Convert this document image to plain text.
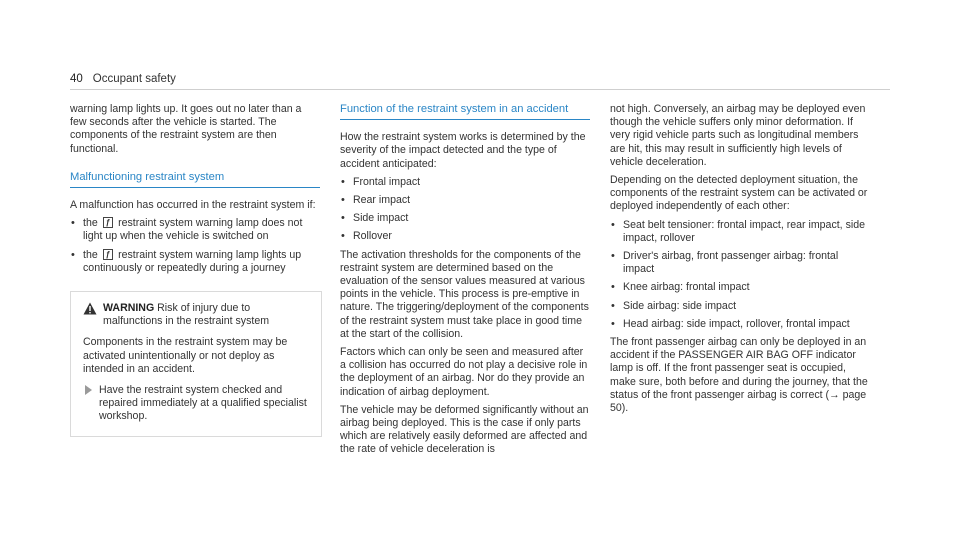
40 Occupant safety

warning lamp lights up. It goes out no later than a few seconds after the vehicle is started. The components of the restraint system are then functional.

Malfunctioning restraint system

A malfunction has occurred in the restraint system if:

• the ƒ restraint system warning lamp does not light up when the vehicle is switched on
• the ƒ restraint system warning lamp lights up continuously or repeatedly during a journey
WARNING Risk of injury due to malfunctions in the restraint system

Components in the restraint system may be activated unintentionally or not deploy as intended in an accident.

Have the restraint system checked and repaired immediately at a qualified specialist workshop.
Function of the restraint system in an accident

How the restraint system works is determined by the severity of the impact detected and the type of accident anticipated:

• Frontal impact
• Rear impact
• Side impact
• Rollover

The activation thresholds for the components of the restraint system are determined based on the evaluation of the sensor values measured at various points in the vehicle. This process is pre-emptive in nature. The triggering/deployment of the components of the restraint system must take place in good time at the start of the collision.

Factors which can only be seen and measured after a collision has occurred do not play a decisive role in the deployment of an airbag. Nor do they provide an indication of airbag deployment.

The vehicle may be deformed significantly without an airbag being deployed. This is the case if only parts which are relatively easily deformed are affected and the rate of vehicle deceleration is

not high. Conversely, an airbag may be deployed even though the vehicle suffers only minor deformation. If very rigid vehicle parts such as longitudinal members are hit, this may result in sufficiently high levels of vehicle deceleration.

Depending on the detected deployment situation, the components of the restraint system can be activated or deployed independently of each other:

• Seat belt tensioner: frontal impact, rear impact, side impact, rollover
• Driver's airbag, front passenger airbag: frontal impact
• Knee airbag: frontal impact
• Side airbag: side impact
• Head airbag: side impact, rollover, frontal impact

The front passenger airbag can only be deployed in an accident if the PASSENGER AIR BAG OFF indicator lamp is off. If the front passenger seat is occupied, make sure, both before and during the journey, that the status of the front passenger airbag is correct (→ page 50).
